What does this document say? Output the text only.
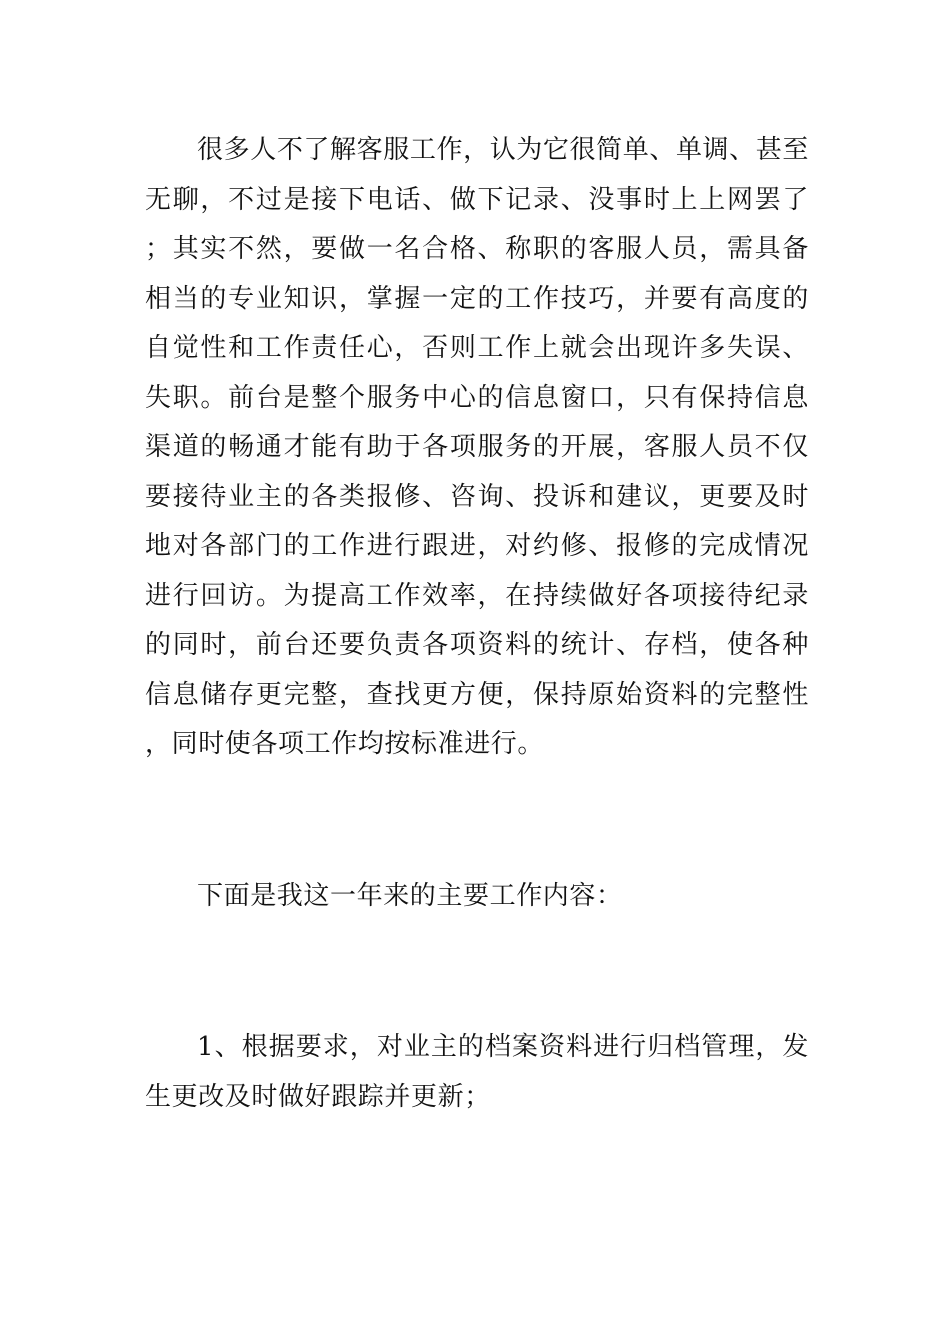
很多人不了解客服工作，认为它很简单、单调、甚至无聊，不过是接下电话、做下记录、没事时上上网罢了；其实不然，要做一名合格、称职的客服人员，需具备相当的专业知识，掌握一定的工作技巧，并要有高度的自觉性和工作责任心，否则工作上就会出现许多失误、失职。前台是整个服务中心的信息窗口，只有保持信息渠道的畅通才能有助于各项服务的开展，客服人员不仅要接待业主的各类报修、咨询、投诉和建议，更要及时地对各部门的工作进行跟进，对约修、报修的完成情况进行回访。为提高工作效率，在持续做好各项接待纪录的同时，前台还要负责各项资料的统计、存档，使各种信息储存更完整，查找更方便，保持原始资料的完整性，同时使各项工作均按标准进行。

下面是我这一年来的主要工作内容：

1、根据要求，对业主的档案资料进行归档管理，发生更改及时做好跟踪并更新；
